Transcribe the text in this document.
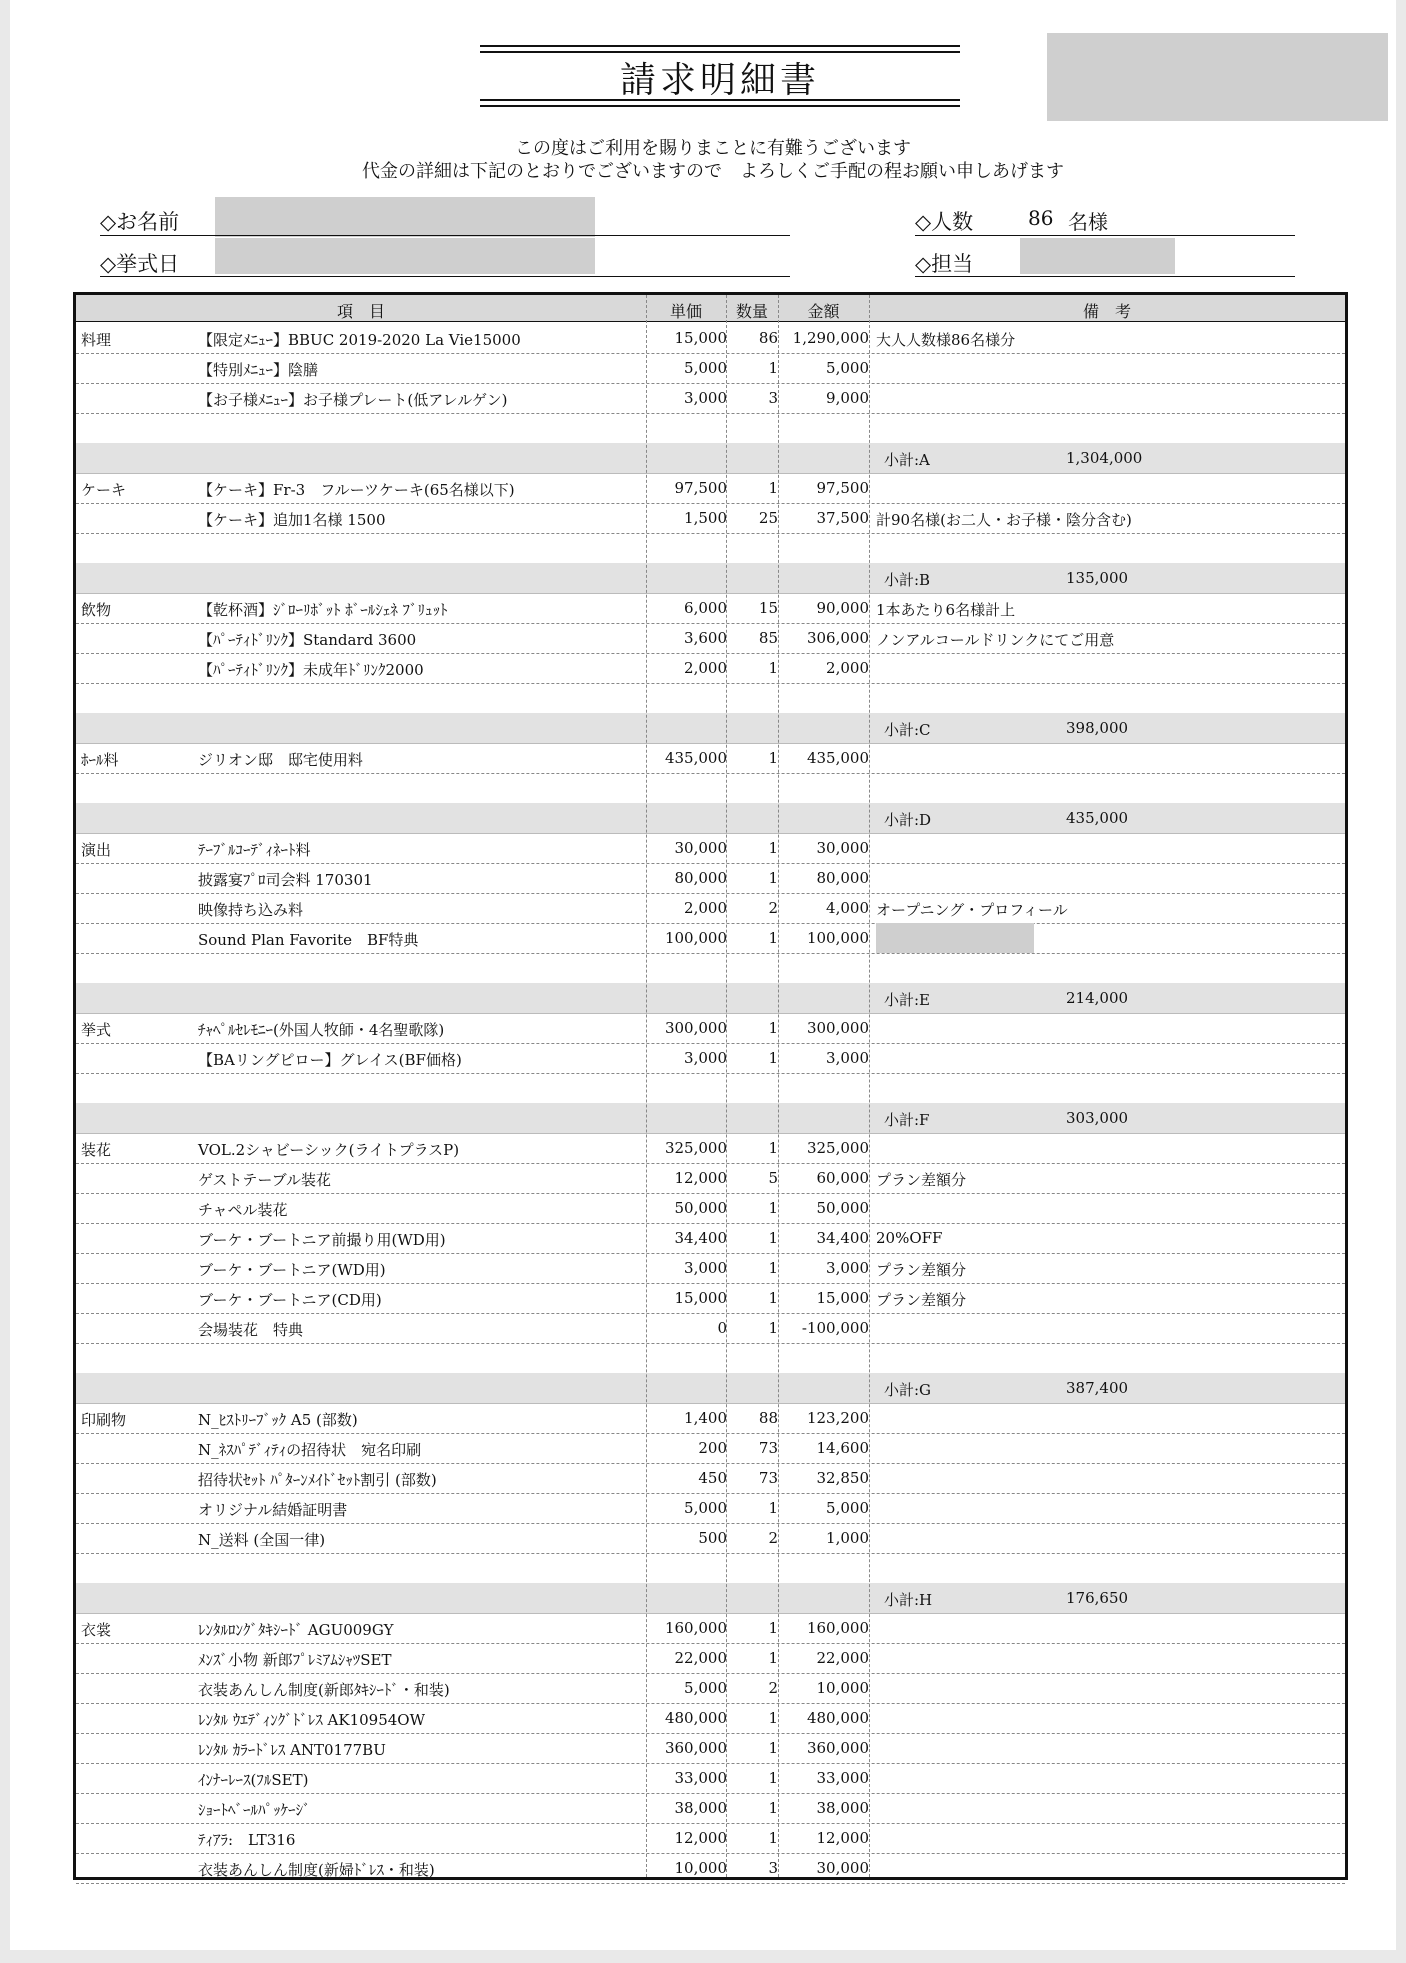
請求明細書
この度はご利用を賜りまことに有難うございます
代金の詳細は下記のとおりでございますので　よろしくご手配の程お願い申しあげます
◇お名前
◇挙式日
◇人数	86 名様
◇担当
項　目	単価	数量	金額	備　考
料理	【限定ﾒﾆｭｰ】BBUC 2019-2020 La Vie15000	15,000 86 1,290,000 大人人数様86名様分
【特別ﾒﾆｭｰ】陰膳	5,000	1	5,000
【お子様ﾒﾆｭｰ】お子様プレート(低アレルゲン)	3,000	3	9,000
小計:A	1,304,000
ケーキ	【ケーキ】Fr-3　フルーツケーキ(65名様以下)	97,500	1	97,500
【ケーキ】追加1名様 1500	1,500 25	37,500 計90名様(お二人・お子様・陰分含む)
小計:B	135,000
飲物	【乾杯酒】ｼﾞﾛｰﾘﾎﾞｯﾄ ﾎﾞｰﾙｼｪﾈ ﾌﾞﾘｭｯﾄ	6,000 15	90,000 1本あたり6名様計上
【ﾊﾟｰﾃｨﾄﾞﾘﾝｸ】Standard 3600	3,600 85 306,000 ノンアルコールドリンクにてご用意
【ﾊﾟｰﾃｨﾄﾞﾘﾝｸ】未成年ﾄﾞﾘﾝｸ2000	2,000	1	2,000
小計:C	398,000
ﾎｰﾙ料	ジリオン邸　邸宅使用料	435,000	1 435,000
小計:D	435,000
演出	ﾃｰﾌﾞﾙｺｰﾃﾞｨﾈｰﾄ料	30,000	1	30,000
披露宴ﾌﾟﾛ司会料 170301	80,000	1	80,000
映像持ち込み料	2,000	2	4,000 オープニング・プロフィール
Sound Plan Favorite　BF特典	100,000	1 100,000
小計:E	214,000
挙式	ﾁｬﾍﾟﾙｾﾚﾓﾆｰ(外国人牧師・4名聖歌隊)	300,000	1 300,000
【BAリングピロー】グレイス(BF価格)	3,000	1	3,000
小計:F	303,000
装花	VOL.2シャビーシック(ライトプラスP)	325,000	1 325,000
ゲストテーブル装花	12,000	5	60,000 プラン差額分
チャペル装花	50,000	1	50,000
ブーケ・ブートニア前撮り用(WD用)	34,400	1	34,400 20%OFF
ブーケ・ブートニア(WD用)	3,000	1	3,000 プラン差額分
ブーケ・ブートニア(CD用)	15,000	1	15,000 プラン差額分
会場装花　特典	0	1 -100,000
小計:G	387,400
印刷物	N_ﾋｽﾄﾘｰﾌﾞｯｸ A5 (部数)	1,400 88 123,200
N_ﾈｽﾊﾟﾃﾞｨﾃｨの招待状　宛名印刷	200 73	14,600
招待状ｾｯﾄ ﾊﾟﾀｰﾝﾒｲﾄﾞｾｯﾄ割引 (部数)	450 73	32,850
オリジナル結婚証明書	5,000	1	5,000
N_送料 (全国一律)	500	2	1,000
小計:H	176,650
衣裳	ﾚﾝﾀﾙﾛﾝｸﾞﾀｷｼｰﾄﾞ AGU009GY	160,000	1 160,000
ﾒﾝｽﾞ小物 新郎ﾌﾟﾚﾐｱﾑｼｬﾂSET	22,000	1	22,000
衣装あんしん制度(新郎ﾀｷｼｰﾄﾞ・和装)	5,000	2	10,000
ﾚﾝﾀﾙ ｳｴﾃﾞｨﾝｸﾞﾄﾞﾚｽ AK10954OW	480,000	1 480,000
ﾚﾝﾀﾙ ｶﾗｰﾄﾞﾚｽ ANT0177BU	360,000	1 360,000
ｲﾝﾅｰﾚｰｽ(ﾌﾙSET)	33,000	1	33,000
ｼｮｰﾄﾍﾞｰﾙﾊﾟｯｹｰｼﾞ	38,000	1	38,000
ﾃｨｱﾗ:　LT316	12,000	1	12,000
衣装あんしん制度(新婦ﾄﾞﾚｽ・和装)	10,000	3	30,000
